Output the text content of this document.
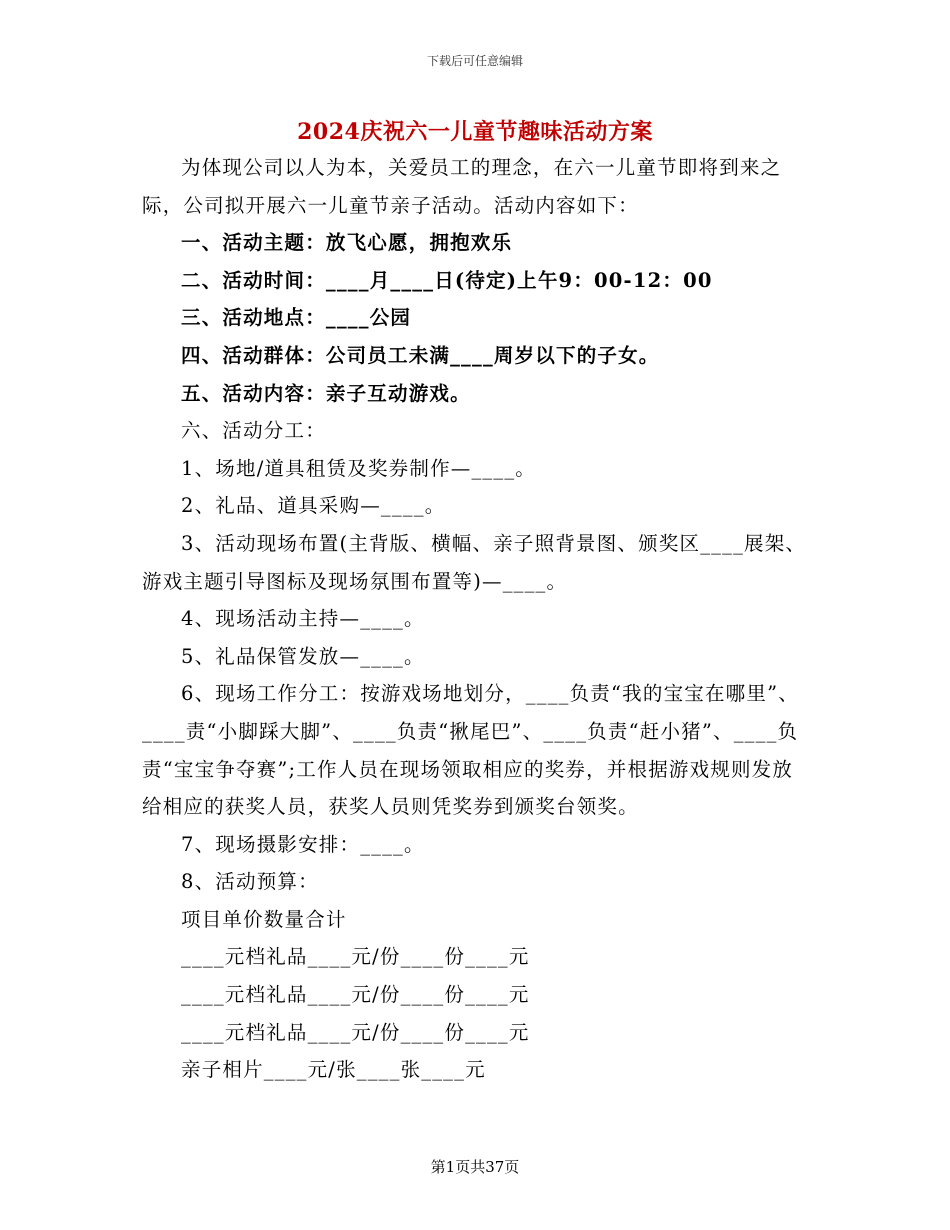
下载后可任意编辑
2024庆祝六一儿童节趣味活动方案

为体现公司以人为本，关爱员工的理念，在六一儿童节即将到来之际，公司拟开展六一儿童节亲子活动。活动内容如下：

一、活动主题：放飞心愿，拥抱欢乐

二、活动时间：____月____日(待定)上午9：00-12：00

三、活动地点：____公园

四、活动群体：公司员工未满____周岁以下的子女。

五、活动内容：亲子互动游戏。

六、活动分工：

1、场地/道具租赁及奖券制作—____。

2、礼品、道具采购—____。

3、活动现场布置(主背版、横幅、亲子照背景图、颁奖区____展架、游戏主题引导图标及现场氛围布置等)—____。

4、现场活动主持—____。

5、礼品保管发放—____。

6、现场工作分工：按游戏场地划分，____负责“我的宝宝在哪里”、____责“小脚踩大脚”、____负责“揪尾巴”、____负责“赶小猪”、____负责“宝宝争夺赛”;工作人员在现场领取相应的奖券，并根据游戏规则发放给相应的获奖人员，获奖人员则凭奖券到颁奖台领奖。

7、现场摄影安排：____。

8、活动预算：

项目单价数量合计

____元档礼品____元/份____份____元

____元档礼品____元/份____份____元

____元档礼品____元/份____份____元

亲子相片____元/张____张____元

第1页共37页
